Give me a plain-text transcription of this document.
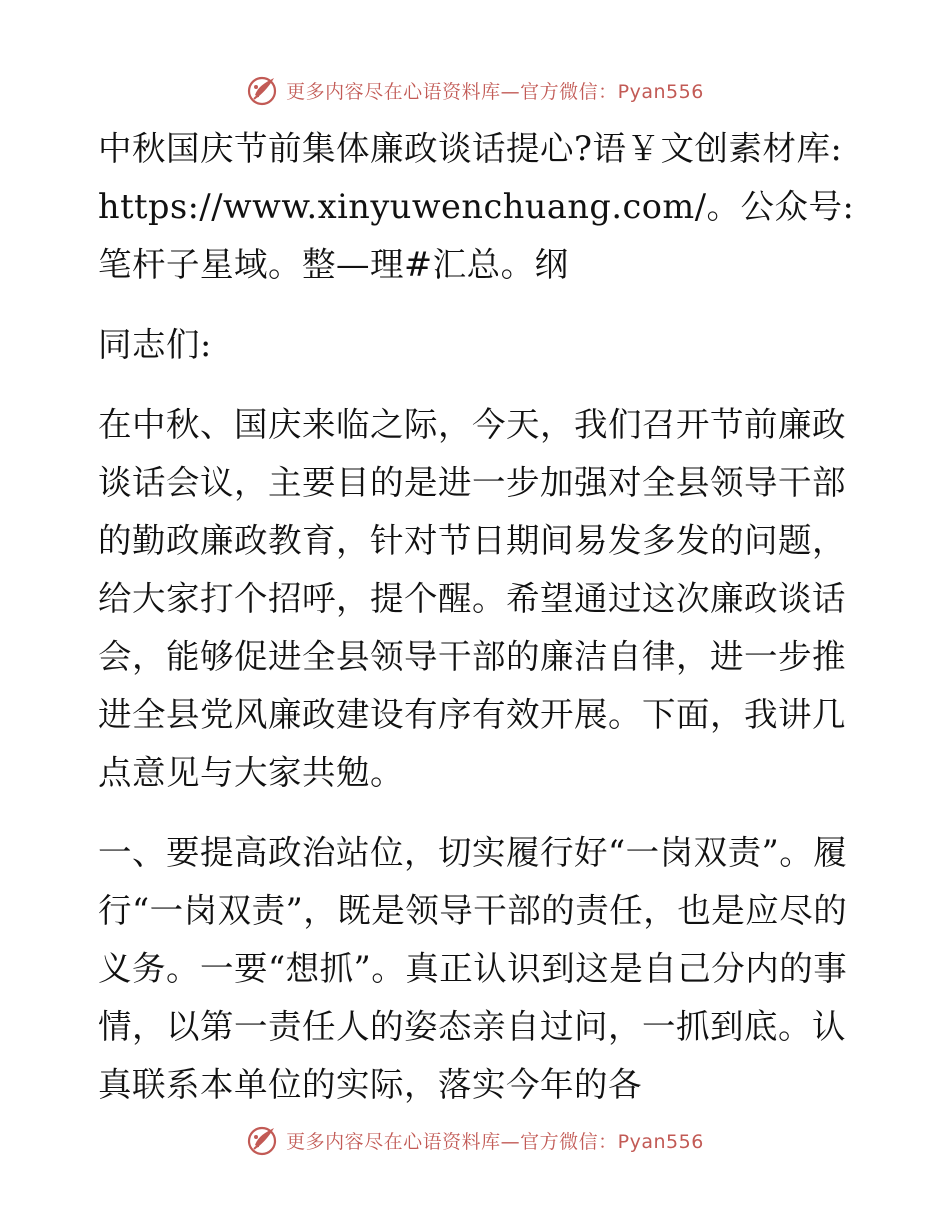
更多内容尽在心语资料库—官方微信：Pyan556

中秋国庆节前集体廉政谈话提心?语￥文创素材库: https://www.xinyuwenchuang.com/。公众号: 笔杆子星域。整—理#汇总。纲

同志们:

在中秋、国庆来临之际，今天，我们召开节前廉政谈话会议，主要目的是进一步加强对全县领导干部的勤政廉政教育，针对节日期间易发多发的问题，给大家打个招呼，提个醒。希望通过这次廉政谈话会，能够促进全县领导干部的廉洁自律，进一步推进全县党风廉政建设有序有效开展。下面，我讲几点意见与大家共勉。

一、要提高政治站位，切实履行好“一岗双责”。履行“一岗双责”，既是领导干部的责任，也是应尽的义务。一要“想抓”。真正认识到这是自己分内的事情，以第一责任人的姿态亲自过问，一抓到底。认真联系本单位的实际，落实今年的各

更多内容尽在心语资料库—官方微信：Pyan556
